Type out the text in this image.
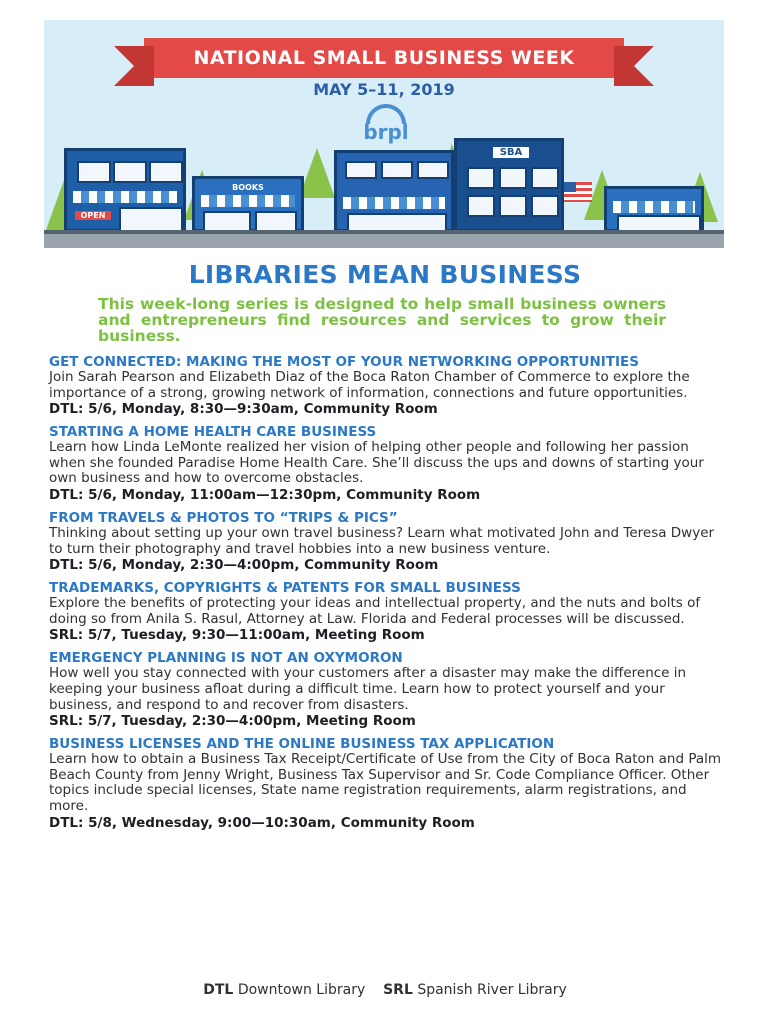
NATIONAL SMALL BUSINESS WEEK
MAY 5–11, 2019
brpl
OPEN
BOOKS
SBA
LIBRARIES MEAN BUSINESS
This week-long series is designed to help small business owners and entrepreneurs find resources and services to grow their business.
GET CONNECTED: MAKING THE MOST OF YOUR NETWORKING OPPORTUNITIES
Join Sarah Pearson and Elizabeth Diaz of the Boca Raton Chamber of Commerce to explore the importance of a strong, growing network of information, connections and future opportunities.
DTL: 5/6, Monday, 8:30—9:30am, Community Room
STARTING A HOME HEALTH CARE BUSINESS
Learn how Linda LeMonte realized her vision of helping other people and following her passion when she founded Paradise Home Health Care. She’ll discuss the ups and downs of starting your own business and how to overcome obstacles.
DTL: 5/6, Monday, 11:00am—12:30pm, Community Room
FROM TRAVELS & PHOTOS TO “TRIPS & PICS”
Thinking about setting up your own travel business? Learn what motivated John and Teresa Dwyer to turn their photography and travel hobbies into a new business venture.
DTL: 5/6, Monday, 2:30—4:00pm, Community Room
TRADEMARKS, COPYRIGHTS & PATENTS FOR SMALL BUSINESS
Explore the benefits of protecting your ideas and intellectual property, and the nuts and bolts of doing so from Anila S. Rasul, Attorney at Law. Florida and Federal processes will be discussed.
SRL: 5/7, Tuesday, 9:30—11:00am, Meeting Room
EMERGENCY PLANNING IS NOT AN OXYMORON
How well you stay connected with your customers after a disaster may make the difference in keeping your business afloat during a difficult time. Learn how to protect yourself and your business, and respond to and recover from disasters.
SRL: 5/7, Tuesday, 2:30—4:00pm, Meeting Room
BUSINESS LICENSES AND THE ONLINE BUSINESS TAX APPLICATION
Learn how to obtain a Business Tax Receipt/Certificate of Use from the City of Boca Raton and Palm Beach County from Jenny Wright, Business Tax Supervisor and Sr. Code Compliance Officer. Other topics include special licenses, State name registration requirements, alarm registrations, and more.
DTL: 5/8, Wednesday, 9:00—10:30am, Community Room
DTL Downtown Library SRL Spanish River Library
